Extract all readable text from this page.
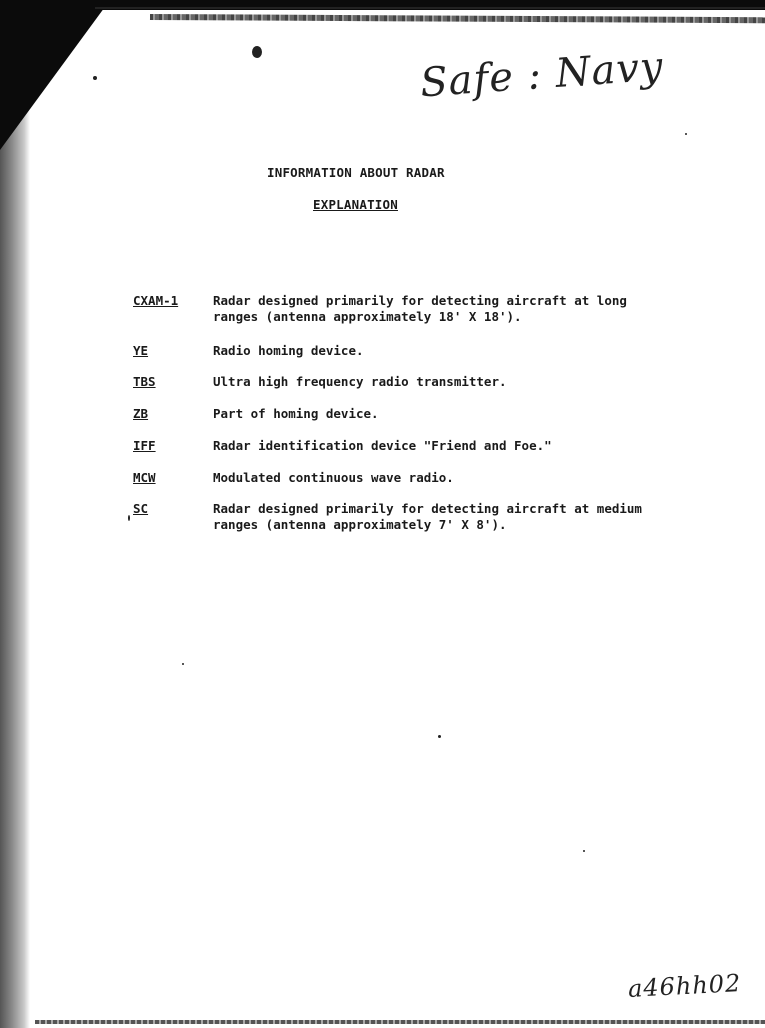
Safe : Navy
INFORMATION ABOUT RADAR
EXPLANATION
CXAM-1	Radar designed primarily for detecting aircraft at long
ranges (antenna approximately 18' X 18').
YE	Radio homing device.
TBS	Ultra high frequency radio transmitter.
ZB	Part of homing device.
IFF	Radar identification device "Friend and Foe."
MCW	Modulated continuous wave radio.
SC	Radar designed primarily for detecting aircraft at medium
ranges (antenna approximately 7' X 8').
a46hh02
